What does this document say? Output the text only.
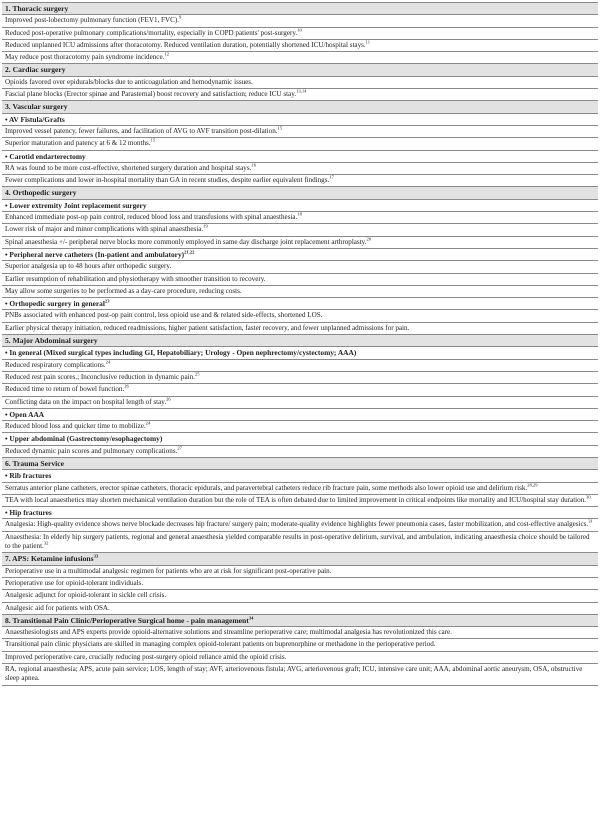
1. Thoracic surgery
Improved post-lobectomy pulmonary function (FEV1, FVC).$^9$
Reduced post-operative pulmonary complications/mortality, especially in COPD patients' post-surgery.$^{10}$
Reduced unplanned ICU admissions after thoracotomy. Reduced ventilation duration, potentially shortened ICU/hospital stays.$^{11}$
May reduce post thoracotomy pain syndrome incidence.$^{12}$
2. Cardiac surgery
Opioids favored over epidurals/blocks due to anticoagulation and hemodynamic issues.
Fascial plane blocks (Erector spinae and Parasternal) boost recovery and satisfaction; reduce ICU stay.$^{13,14}$
3. Vascular surgery
• AV Fistula/Grafts
Improved vessel patency, fewer failures, and facilitation of AVG to AVF transition post-dilation.$^{15}$
Superior maturation and patency at 6 & 12 months.$^{15}$
• Carotid endarterectomy
RA was found to be more cost-effective, shortened surgery duration and hospital stays.$^{16}$
Fewer complications and lower in-hospital mortality than GA in recent studies, despite earlier equivalent findings.$^{17}$
4. Orthopedic surgery
• Lower extremity Joint replacement surgery
Enhanced immediate post-op pain control, reduced blood loss and transfusions with spinal anaesthesia.$^{18}$
Lower risk of major and minor complications with spinal anaesthesia.$^{19}$
Spinal anaesthesia +/- peripheral nerve blocks more commonly employed in same day discharge joint replacement arthroplasty.$^{20}$
• Peripheral nerve catheters (In-patient and ambulatory)$^{21,22}$
Superior analgesia up to 48 hours after orthopedic surgery.
Earlier resumption of rehabilitation and physiotherapy with smoother transition to recovery.
May allow some surgeries to be performed as a day-care procedure, reducing costs.
• Orthopedic surgery in general$^{23}$
PNBs associated with enhanced post-op pain control, less opioid use and & related side-effects, shortened LOS.
Earlier physical therapy initiation, reduced readmissions, higher patient satisfaction, faster recovery, and fewer unplanned admissions for pain.
5. Major Abdominal surgery
• In general (Mixed surgical types including GI, Hepatobiliary; Urology - Open nephrectomy/cystectomy; AAA)
Reduced respiratory complications.$^{24}$
Reduced rest pain scores.; Inconclusive reduction in dynamic pain.$^{25}$
Reduced time to return of bowel function.$^{26}$
Conflicting data on the impact on hospital length of stay.$^{26}$
• Open AAA
Reduced blood loss and quicker time to mobilize.$^{24}$
• Upper abdominal (Gastrectomy/esophagectomy)
Reduced dynamic pain scores and pulmonary complications.$^{27}$
6. Trauma Service
• Rib fractures
Serratus anterior plane catheters, erector spinae catheters, thoracic epidurals, and paravertebral catheters reduce rib fracture pain, some methods also lower opioid use and delirium risk.$^{28,29}$
TEA with local anaesthetics may shorten mechanical ventilation duration but the role of TEA is often debated due to limited improvement in critical endpoints like mortality and ICU/hospital stay duration.$^{30}$
• Hip fractures
Analgesia: High-quality evidence shows nerve blockade decreases hip fracture/ surgery pain; moderate-quality evidence highlights fewer pneumonia cases, faster mobilization, and cost-effective analgesics.$^{31}$
Anaesthesia: In elderly hip surgery patients, regional and general anaesthesia yielded comparable results in post-operative delirium, survival, and ambulation, indicating anaesthesia choice should be tailored to the patient.$^{32}$
7. APS: Ketamine infusions$^{33}$
Perioperative use in a multimodal analgesic regimen for patients who are at risk for significant post-operative pain.
Perioperative use for opioid-tolerant individuals.
Analgesic adjunct for opioid-tolerant in sickle cell crisis.
Analgesic aid for patients with OSA.
8. Transitional Pain Clinic/Perioperative Surgical home - pain management$^{34}$
Anaesthesiologists and APS experts provide opioid-alternative solutions and streamline perioperative care; multimodal analgesia has revolutionized this care.
Transitional pain clinic physicians are skilled in managing complex opioid-tolerant patients on buprenorphine or methadone in the perioperative period.
Improved perioperative care, crucially reducing post-surgery opioid reliance amid the opioid crisis.
RA, regional anaesthesia; APS, acute pain service; LOS, length of stay; AVF, arteriovenous fistula; AVG, arteriovenous graft; ICU, intensive care unit; AAA, abdominal aortic aneurysm, OSA, obstructive sleep apnea.
